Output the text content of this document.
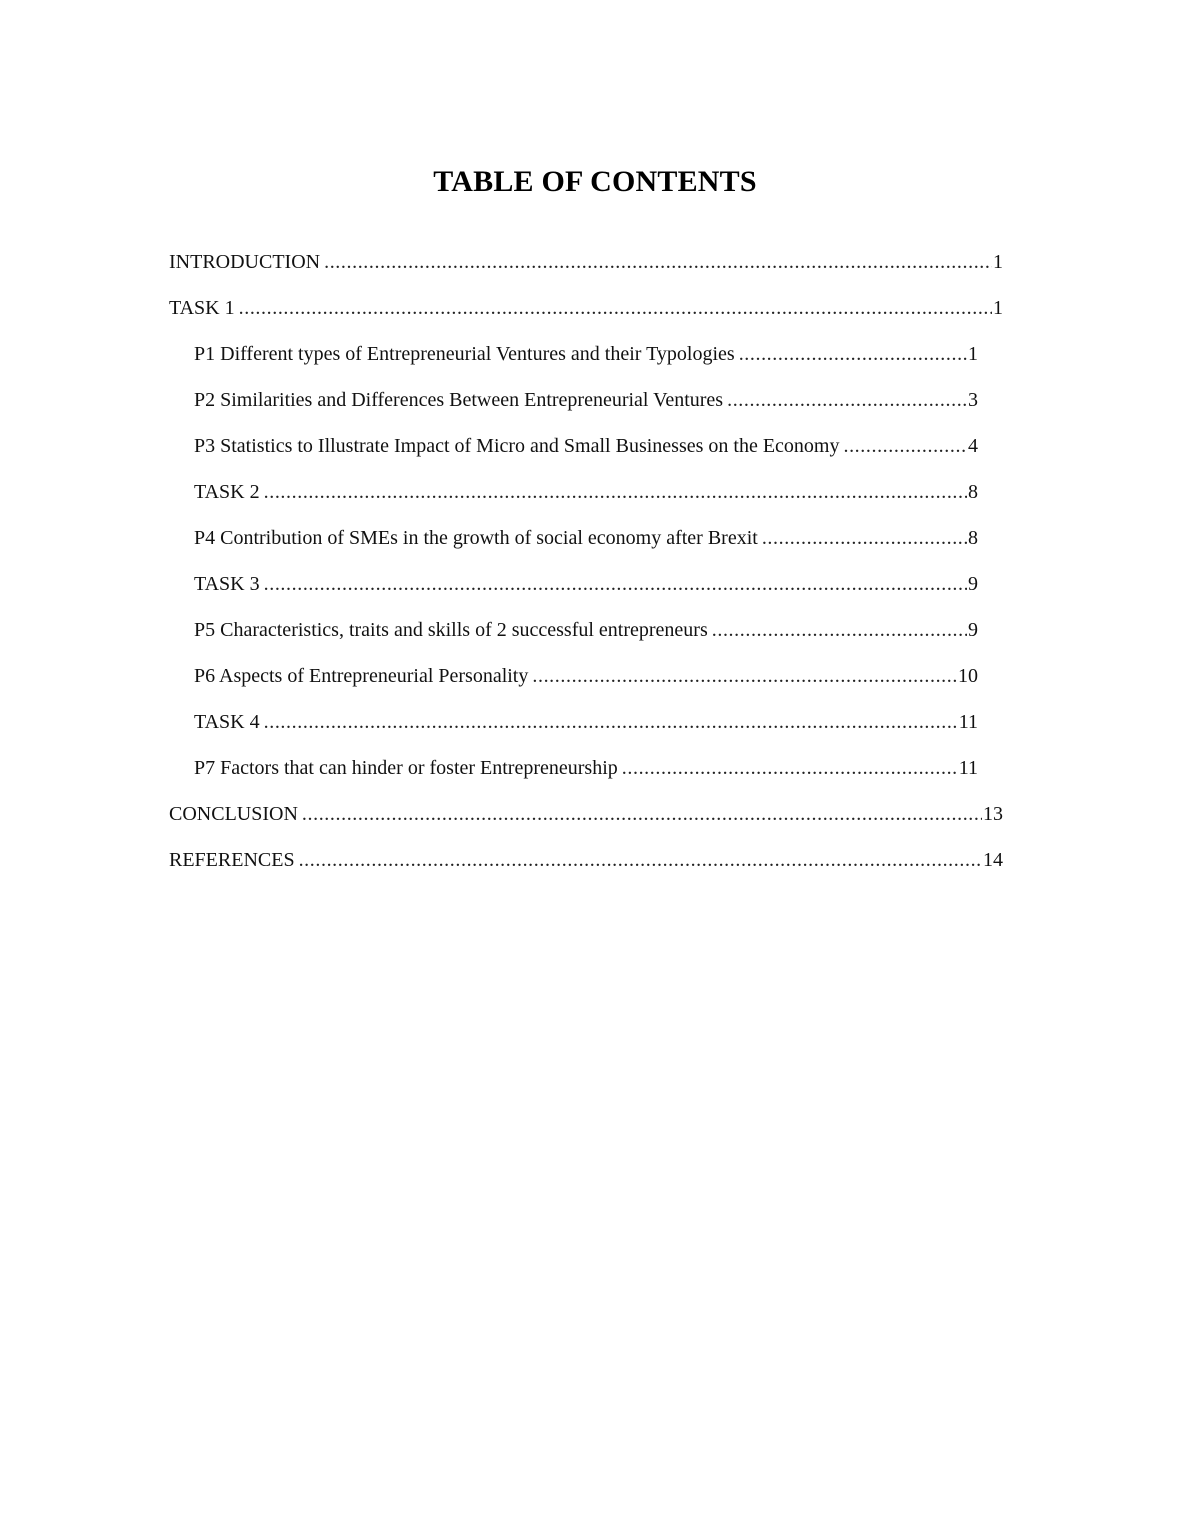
TABLE OF CONTENTS
INTRODUCTION .....	1
TASK 1 .....	1
P1 Different types of Entrepreneurial Ventures and their Typologies .....	1
P2 Similarities and Differences Between Entrepreneurial Ventures .....	3
P3 Statistics to Illustrate Impact of Micro and Small Businesses on the Economy .....	4
TASK 2 .....	8
P4 Contribution of SMEs in the growth of social economy after Brexit .....	8
TASK 3 .....	9
P5 Characteristics, traits and skills of 2 successful entrepreneurs .....	9
P6 Aspects of Entrepreneurial Personality .....	10
TASK 4 .....	11
P7 Factors that can hinder or foster Entrepreneurship .....	11
CONCLUSION .....	13
REFERENCES .....	14
